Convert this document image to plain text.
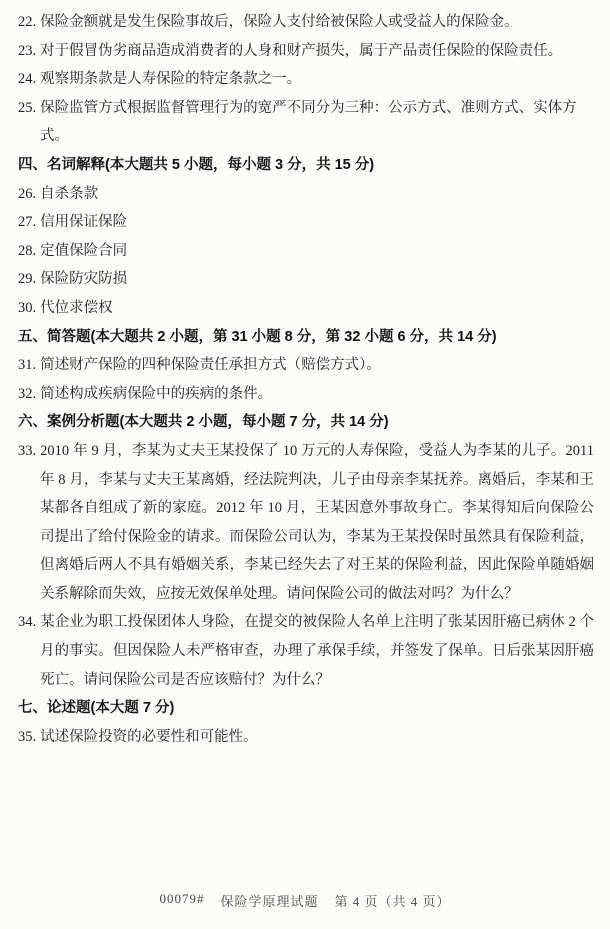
22. 保险金额就是发生保险事故后，保险人支付给被保险人或受益人的保险金。

23. 对于假冒伪劣商品造成消费者的人身和财产损失，属于产品责任保险的保险责任。

24. 观察期条款是人寿保险的特定条款之一。

25. 保险监管方式根据监督管理行为的宽严不同分为三种：公示方式、准则方式、实体方式。

四、名词解释(本大题共 5 小题，每小题 3 分，共 15 分)

26. 自杀条款

27. 信用保证保险

28. 定值保险合同

29. 保险防灾防损

30. 代位求偿权

五、简答题(本大题共 2 小题，第 31 小题 8 分，第 32 小题 6 分，共 14 分)

31. 简述财产保险的四种保险责任承担方式（赔偿方式）。

32. 简述构成疾病保险中的疾病的条件。

六、案例分析题(本大题共 2 小题，每小题 7 分，共 14 分)

33. 2010 年 9 月，李某为丈夫王某投保了 10 万元的人寿保险，受益人为李某的儿子。2011 年 8 月，李某与丈夫王某离婚，经法院判决，儿子由母亲李某抚养。离婚后，李某和王某都各自组成了新的家庭。2012 年 10 月，王某因意外事故身亡。李某得知后向保险公司提出了给付保险金的请求。而保险公司认为，李某为王某投保时虽然具有保险利益，但离婚后两人不具有婚姻关系，李某已经失去了对王某的保险利益，因此保险单随婚姻关系解除而失效，应按无效保单处理。请问保险公司的做法对吗？为什么？

34. 某企业为职工投保团体人身险，在提交的被保险人名单上注明了张某因肝癌已病休 2 个月的事实。但因保险人未严格审查，办理了承保手续，并签发了保单。日后张某因肝癌死亡。请问保险公司是否应该赔付？为什么？

七、论述题(本大题 7 分)

35. 试述保险投资的必要性和可能性。

00079# 保险学原理试题 第 4 页（共 4 页）
